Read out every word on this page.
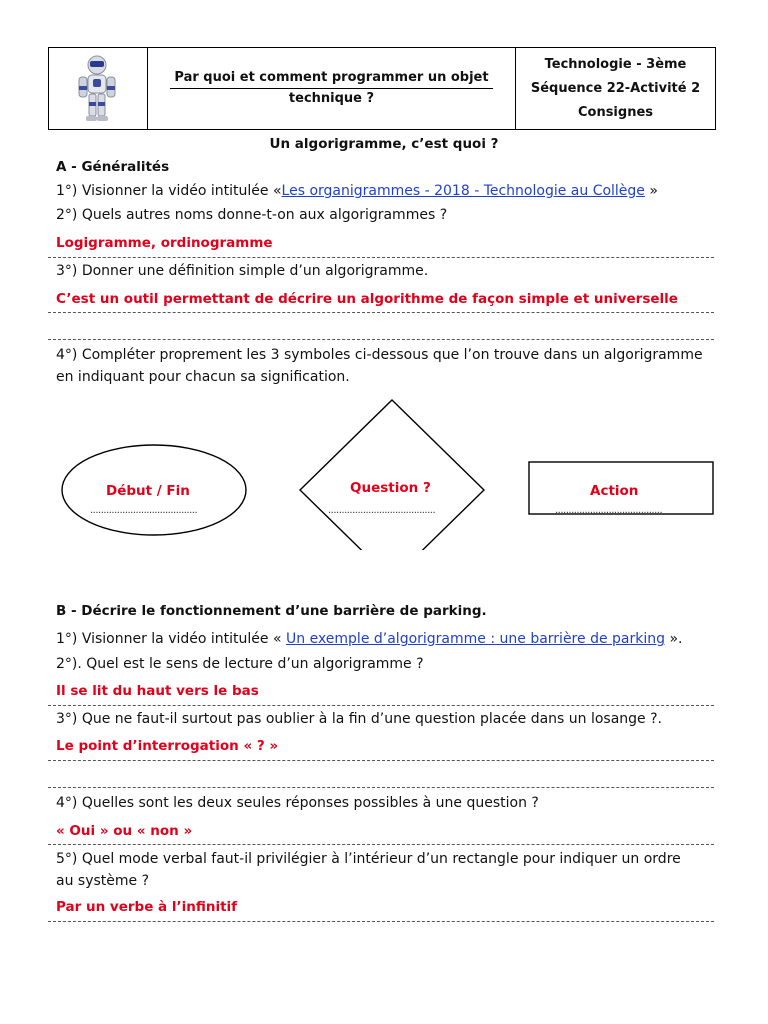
Par quoi et comment programmer un objet
technique ?
Technologie - 3ème
Séquence 22-Activité 2
Consignes
Un algorigramme, c’est quoi ?
A - Généralités
1°) Visionner la vidéo intitulée «Les organigrammes - 2018 - Technologie au Collège »
2°) Quels autres noms donne-t-on aux algorigrammes ?
Logigramme, ordinogramme
3°) Donner une définition simple d’un algorigramme.
C’est un outil permettant de décrire un algorithme de façon simple et universelle
4°) Compléter proprement les 3 symboles ci-dessous que l’on trouve dans un algorigramme
en indiquant pour chacun sa signification.
Début / Fin
........................................
Question ?
........................................
Action
........................................
B - Décrire le fonctionnement d’une barrière de parking.
1°) Visionner la vidéo intitulée « Un exemple d’algorigramme : une barrière de parking ».
2°). Quel est le sens de lecture d’un algorigramme ?
Il se lit du haut vers le bas
3°) Que ne faut-il surtout pas oublier à la fin d’une question placée dans un losange ?.
Le point d’interrogation « ? »
4°) Quelles sont les deux seules réponses possibles à une question ?
« Oui » ou « non »
5°) Quel mode verbal faut-il privilégier à l’intérieur d’un rectangle pour indiquer un ordre
au système ?
Par un verbe à l’infinitif
